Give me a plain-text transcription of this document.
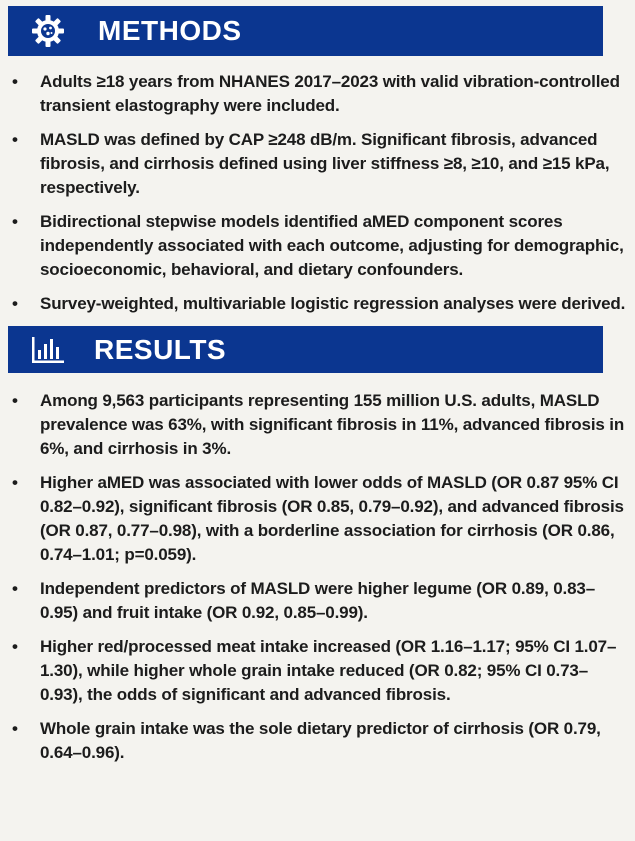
METHODS
• Adults ≥18 years from NHANES 2017–2023 with valid vibration-controlled transient elastography were included.
• MASLD was defined by CAP ≥248 dB/m. Significant fibrosis, advanced fibrosis, and cirrhosis defined using liver stiffness ≥8, ≥10, and ≥15 kPa, respectively.
• Bidirectional stepwise models identified aMED component scores independently associated with each outcome, adjusting for demographic, socioeconomic, behavioral, and dietary confounders.
• Survey-weighted, multivariable logistic regression analyses were derived.
RESULTS
• Among 9,563 participants representing 155 million U.S. adults, MASLD prevalence was 63%, with significant fibrosis in 11%, advanced fibrosis in 6%, and cirrhosis in 3%.
• Higher aMED was associated with lower odds of MASLD (OR 0.87 95% CI 0.82–0.92), significant fibrosis (OR 0.85, 0.79–0.92), and advanced fibrosis (OR 0.87, 0.77–0.98), with a borderline association for cirrhosis (OR 0.86, 0.74–1.01; p=0.059).
• Independent predictors of MASLD were higher legume (OR 0.89, 0.83–0.95) and fruit intake (OR 0.92, 0.85–0.99).
• Higher red/processed meat intake increased (OR 1.16–1.17; 95% CI 1.07–1.30), while higher whole grain intake reduced (OR 0.82; 95% CI 0.73–0.93), the odds of significant and advanced fibrosis.
• Whole grain intake was the sole dietary predictor of cirrhosis (OR 0.79, 0.64–0.96).
